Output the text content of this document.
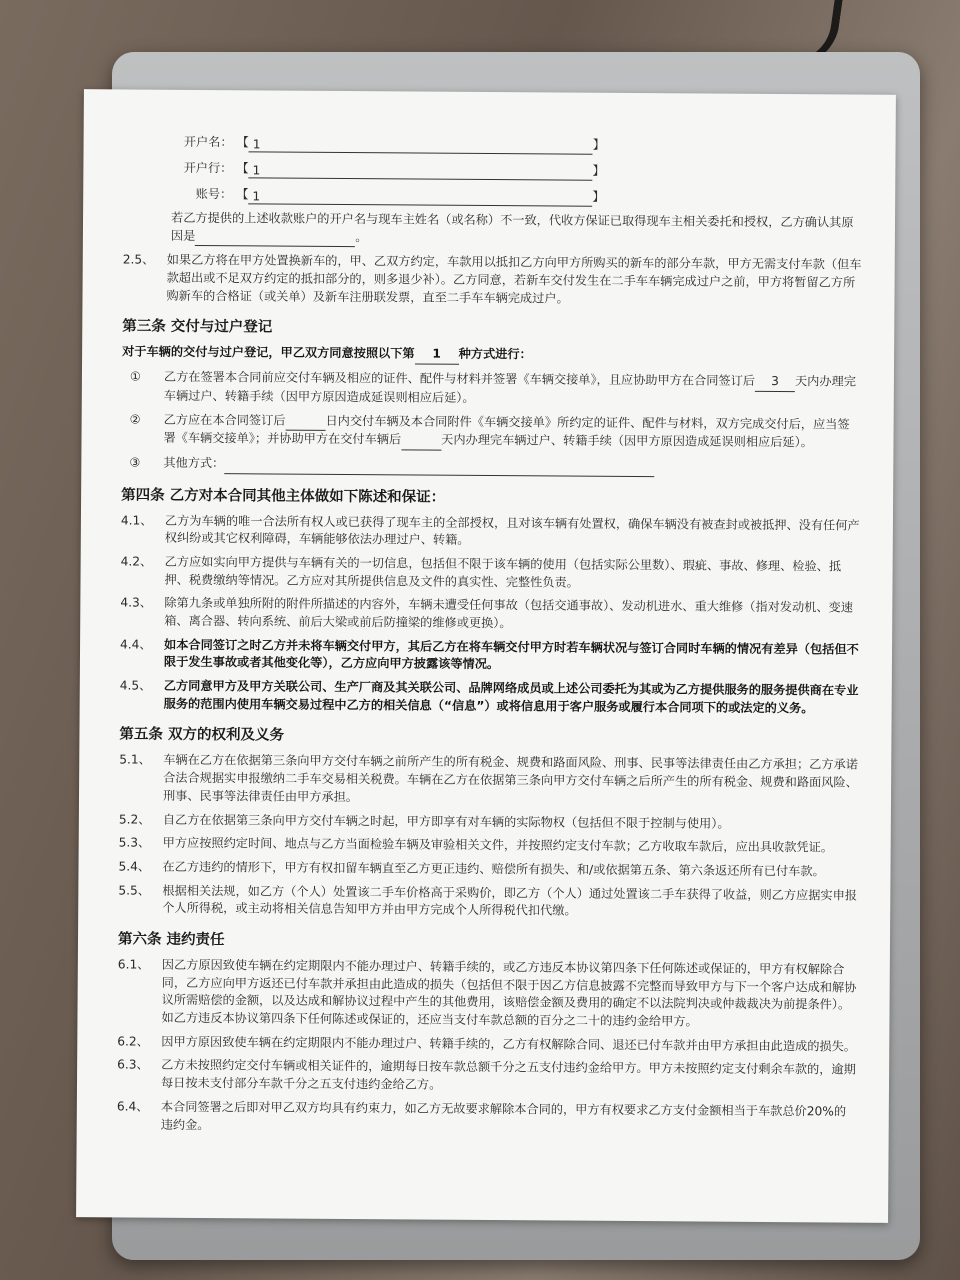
开户名： 【 1	】
开户行： 【 1	】
账号： 【 1	】

若乙方提供的上述收款账户的开户名与现车主姓名（或名称）不一致，代收方保证已取得现车主相关委托和授权，乙方确认其原因是	。

2.5、	如果乙方将在甲方处置换新车的，甲、乙双方约定，车款用以抵扣乙方向甲方所购买的新车的部分车款，甲方无需支付车款（但车款超出或不足双方约定的抵扣部分的，则多退少补）。乙方同意，若新车交付发生在二手车车辆完成过户之前，甲方将暂留乙方所购新车的合格证（或关单）及新车注册联发票，直至二手车车辆完成过户。
第三条 交付与过户登记
对于车辆的交付与过户登记，甲乙双方同意按照以下第 1 种方式进行：
①	乙方在签署本合同前应交付车辆及相应的证件、配件与材料并签署《车辆交接单》，且应协助甲方在合同签订后 3 天内办理完车辆过户、转籍手续（因甲方原因造成延误则相应后延）。
②	乙方应在本合同签订后	日内交付车辆及本合同附件《车辆交接单》所约定的证件、配件与材料，双方完成交付后，应当签署《车辆交接单》；并协助甲方在交付车辆后	天内办理完车辆过户、转籍手续（因甲方原因造成延误则相应后延）。
③	其他方式：
第四条 乙方对本合同其他主体做如下陈述和保证：
4.1、	乙方为车辆的唯一合法所有权人或已获得了现车主的全部授权，且对该车辆有处置权，确保车辆没有被查封或被抵押、没有任何产权纠纷或其它权利障碍，车辆能够依法办理过户、转籍。
4.2、	乙方应如实向甲方提供与车辆有关的一切信息，包括但不限于该车辆的使用（包括实际公里数）、瑕疵、事故、修理、检验、抵押、税费缴纳等情况。乙方应对其所提供信息及文件的真实性、完整性负责。
4.3、	除第九条或单独所附的附件所描述的内容外，车辆未遭受任何事故（包括交通事故）、发动机进水、重大维修（指对发动机、变速箱、离合器、转向系统、前后大梁或前后防撞梁的维修或更换）。
4.4、	如本合同签订之时乙方并未将车辆交付甲方，其后乙方在将车辆交付甲方时若车辆状况与签订合同时车辆的情况有差异（包括但不限于发生事故或者其他变化等），乙方应向甲方披露该等情况。
4.5、	乙方同意甲方及甲方关联公司、生产厂商及其关联公司、品牌网络成员或上述公司委托为其或为乙方提供服务的服务提供商在专业服务的范围内使用车辆交易过程中乙方的相关信息（“信息”）或将信息用于客户服务或履行本合同项下的或法定的义务。
第五条 双方的权利及义务
5.1、	车辆在乙方在依据第三条向甲方交付车辆之前所产生的所有税金、规费和路面风险、刑事、民事等法律责任由乙方承担；乙方承诺合法合规据实申报缴纳二手车交易相关税费。车辆在乙方在依据第三条向甲方交付车辆之后所产生的所有税金、规费和路面风险、刑事、民事等法律责任由甲方承担。
5.2、	自乙方在依据第三条向甲方交付车辆之时起，甲方即享有对车辆的实际物权（包括但不限于控制与使用）。
5.3、	甲方应按照约定时间、地点与乙方当面检验车辆及审验相关文件，并按照约定支付车款；乙方收取车款后，应出具收款凭证。
5.4、	在乙方违约的情形下，甲方有权扣留车辆直至乙方更正违约、赔偿所有损失、和/或依据第五条、第六条返还所有已付车款。
5.5、	根据相关法规，如乙方（个人）处置该二手车价格高于采购价，即乙方（个人）通过处置该二手车获得了收益，则乙方应据实申报个人所得税，或主动将相关信息告知甲方并由甲方完成个人所得税代扣代缴。
第六条 违约责任
6.1、	因乙方原因致使车辆在约定期限内不能办理过户、转籍手续的，或乙方违反本协议第四条下任何陈述或保证的，甲方有权解除合同，乙方应向甲方返还已付车款并承担由此造成的损失（包括但不限于因乙方信息披露不完整而导致甲方与下一个客户达成和解协议所需赔偿的金额，以及达成和解协议过程中产生的其他费用，该赔偿金额及费用的确定不以法院判决或仲裁裁决为前提条件）。如乙方违反本协议第四条下任何陈述或保证的，还应当支付车款总额的百分之二十的违约金给甲方。
6.2、	因甲方原因致使车辆在约定期限内不能办理过户、转籍手续的，乙方有权解除合同、退还已付车款并由甲方承担由此造成的损失。
6.3、	乙方未按照约定交付车辆或相关证件的，逾期每日按车款总额千分之五支付违约金给甲方。甲方未按照约定支付剩余车款的，逾期每日按未支付部分车款千分之五支付违约金给乙方。
6.4、	本合同签署之后即对甲乙双方均具有约束力，如乙方无故要求解除本合同的，甲方有权要求乙方支付金额相当于车款总价20%的违约金。
